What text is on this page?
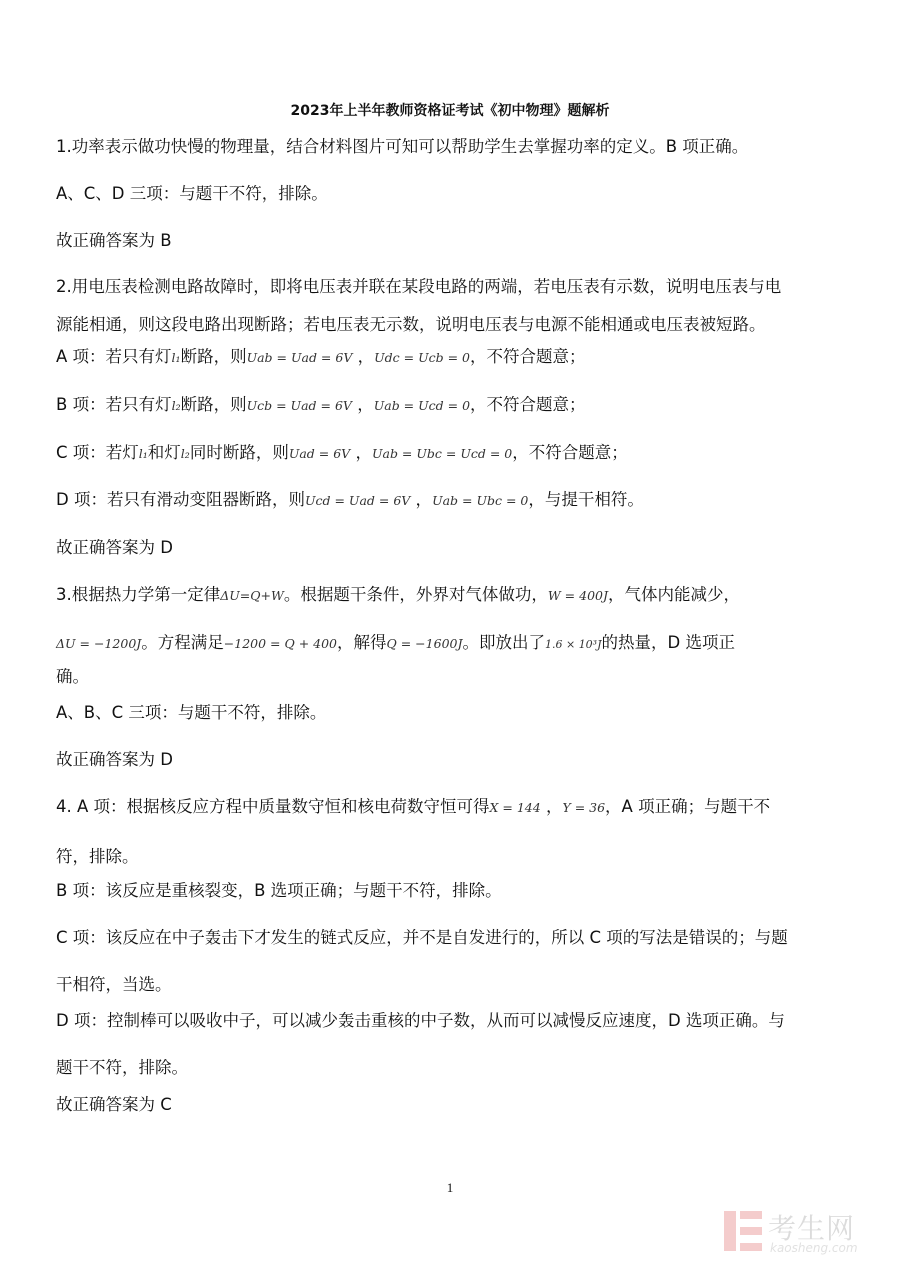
2023年上半年教师资格证考试《初中物理》题解析
1.功率表示做功快慢的物理量，结合材料图片可知可以帮助学生去掌握功率的定义。B 项正确。
A、C、D 三项：与题干不符，排除。
故正确答案为 B
2.用电压表检测电路故障时，即将电压表并联在某段电路的两端，若电压表有示数，说明电压表与电
源能相通，则这段电路出现断路；若电压表无示数，说明电压表与电源不能相通或电压表被短路。
A 项：若只有灯l₁断路，则Uab = Uad = 6V ，Udc = Ucb = 0，不符合题意；
B 项：若只有灯l₂断路，则Ucb = Uad = 6V ，Uab = Ucd = 0，不符合题意；
C 项：若灯l₁和灯l₂同时断路，则Uad = 6V ，Uab = Ubc = Ucd = 0，不符合题意；
D 项：若只有滑动变阻器断路，则Ucd = Uad = 6V ，Uab = Ubc = 0，与提干相符。
故正确答案为 D
3.根据热力学第一定律ΔU=Q+W。根据题干条件，外界对气体做功，W = 400J，气体内能减少，
ΔU = −1200J。方程满足−1200 = Q + 400，解得Q = −1600J。即放出了1.6 × 10³J的热量，D 选项正
确。
A、B、C 三项：与题干不符，排除。
故正确答案为 D
4. A 项：根据核反应方程中质量数守恒和核电荷数守恒可得X = 144 ，Y = 36，A 项正确；与题干不
符，排除。
B 项：该反应是重核裂变，B 选项正确；与题干不符，排除。
C 项：该反应在中子轰击下才发生的链式反应，并不是自发进行的，所以 C 项的写法是错误的；与题
干相符，当选。
D 项：控制棒可以吸收中子，可以减少轰击重核的中子数，从而可以减慢反应速度，D 选项正确。与
题干不符，排除。
故正确答案为 C
1
考生网
kaosheng.com
